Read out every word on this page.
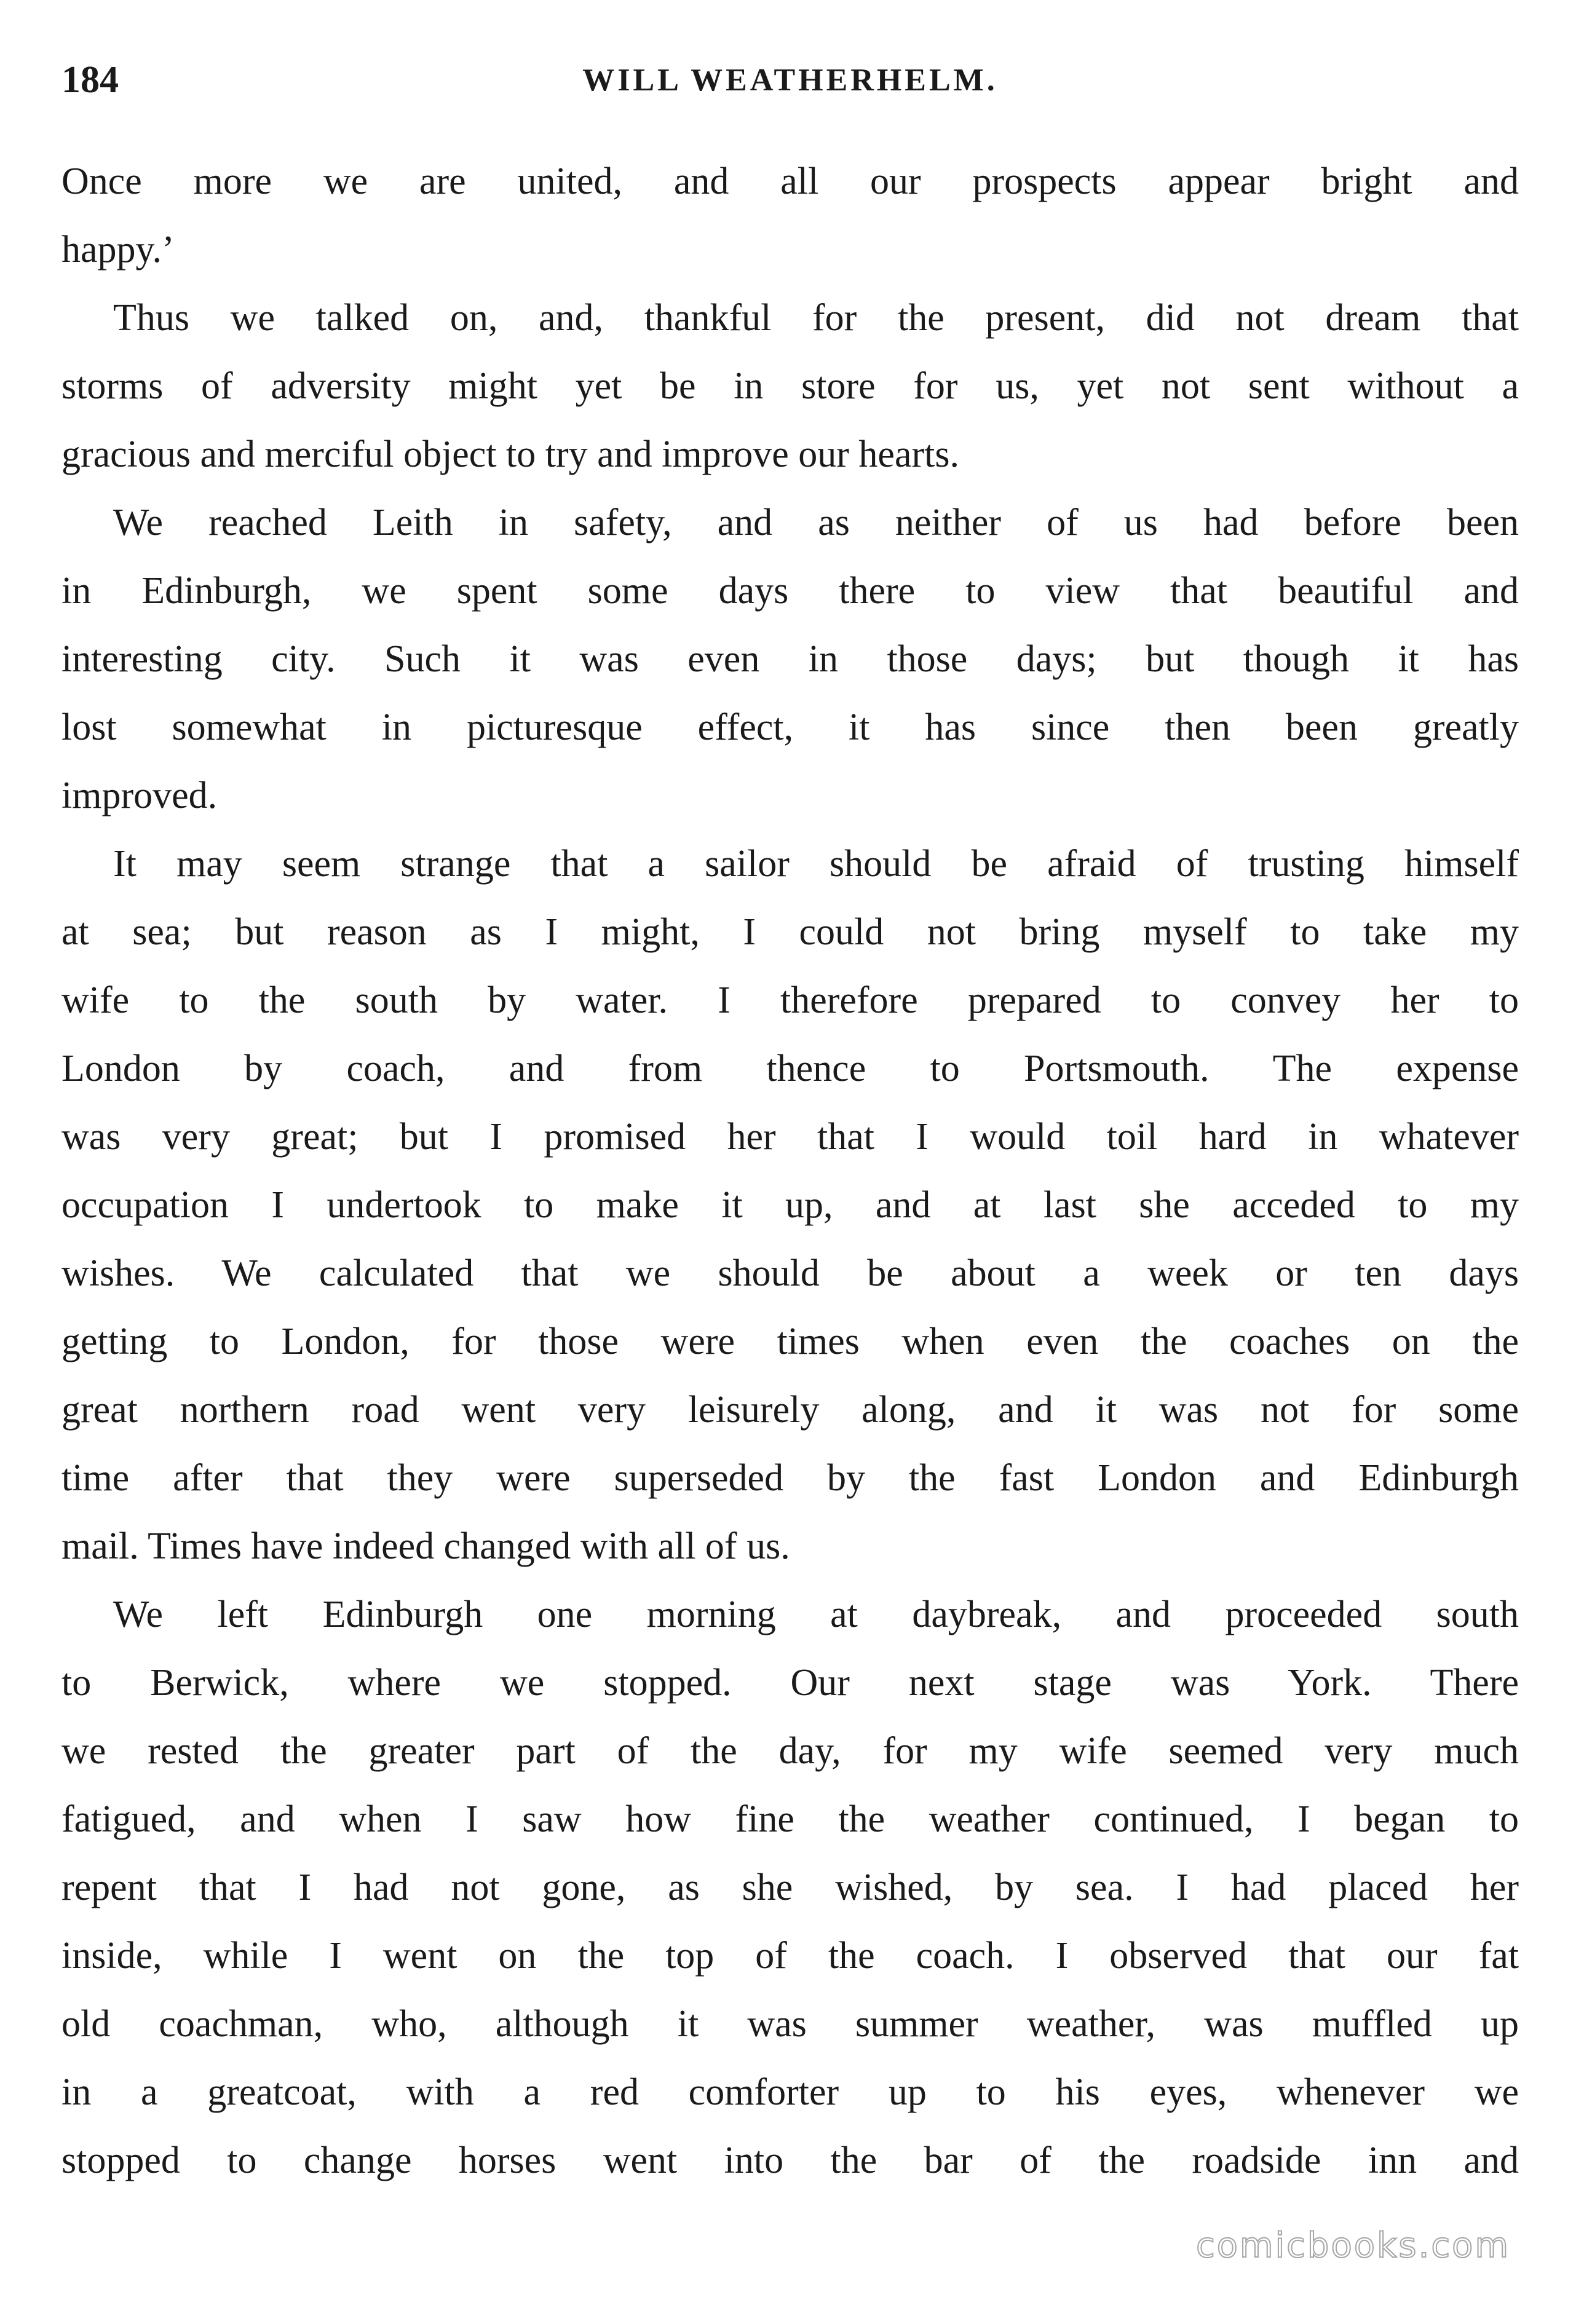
184	WILL WEATHERHELM.
Once more we are united, and all our prospects appear bright and
happy.’
Thus we talked on, and, thankful for the present, did not dream that
storms of adversity might yet be in store for us, yet not sent without a
gracious and merciful object to try and improve our hearts.
We reached Leith in safety, and as neither of us had before been
in Edinburgh, we spent some days there to view that beautiful and
interesting city. Such it was even in those days; but though it has
lost somewhat in picturesque effect, it has since then been greatly
improved.
It may seem strange that a sailor should be afraid of trusting himself
at sea; but reason as I might, I could not bring myself to take my
wife to the south by water. I therefore prepared to convey her to
London by coach, and from thence to Portsmouth. The expense
was very great; but I promised her that I would toil hard in whatever
occupation I undertook to make it up, and at last she acceded to my
wishes. We calculated that we should be about a week or ten days
getting to London, for those were times when even the coaches on the
great northern road went very leisurely along, and it was not for some
time after that they were superseded by the fast London and Edinburgh
mail. Times have indeed changed with all of us.
We left Edinburgh one morning at daybreak, and proceeded south
to Berwick, where we stopped. Our next stage was York. There
we rested the greater part of the day, for my wife seemed very much
fatigued, and when I saw how fine the weather continued, I began to
repent that I had not gone, as she wished, by sea. I had placed her
inside, while I went on the top of the coach. I observed that our fat
old coachman, who, although it was summer weather, was muffled up
in a greatcoat, with a red comforter up to his eyes, whenever we
stopped to change horses went into the bar of the roadside inn and
comicbooks.com
